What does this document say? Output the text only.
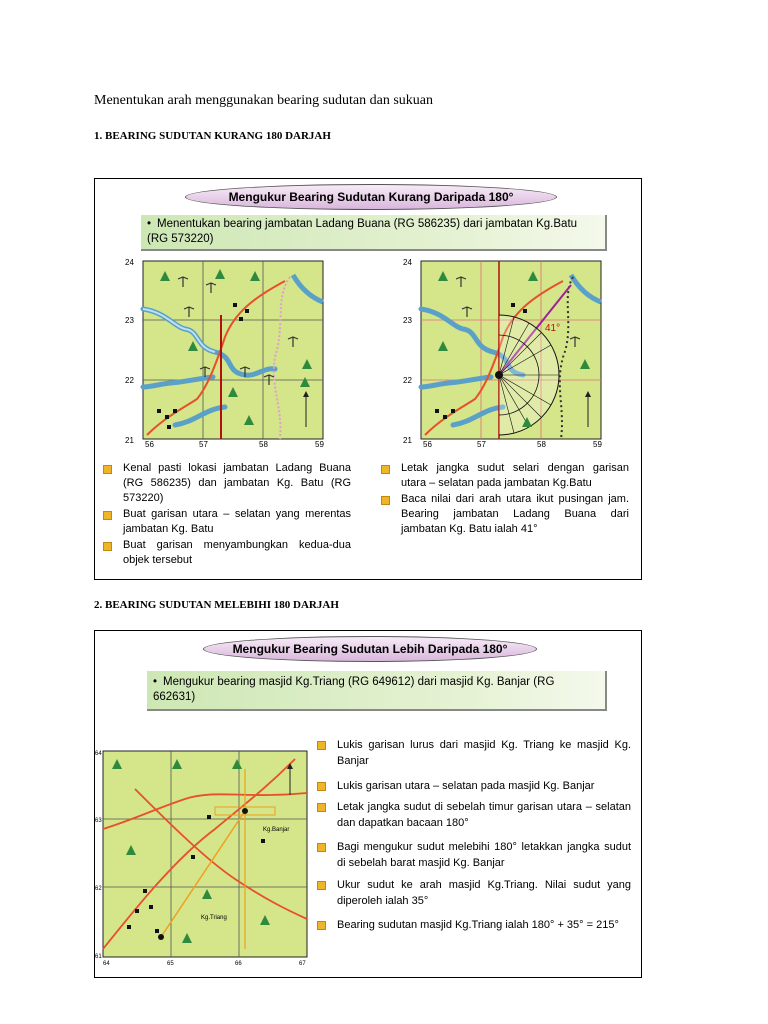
Menentukan arah menggunakan bearing sudutan dan sukuan
1. BEARING SUDUTAN KURANG 180 DARJAH
Mengukur Bearing Sudutan Kurang Daripada 180°
• Menentukan bearing jambatan Ladang Buana (RG 586235) dari jambatan Kg.Batu (RG 573220)
24
23
22
21 56	57	58	59
41°
24
23
22
21 56	57	58	59
Kenal pasti lokasi jambatan Ladang Buana (RG 586235) dan jambatan Kg. Batu (RG 573220)
Buat garisan utara – selatan yang merentas jambatan Kg. Batu
Buat garisan menyambungkan kedua-dua objek tersebut
Letak jangka sudut selari dengan garisan utara – selatan pada jambatan Kg.Batu
Baca nilai dari arah utara ikut pusingan jam. Bearing jambatan Ladang Buana dari jambatan Kg. Batu ialah 41°
2. BEARING SUDUTAN MELEBIHI 180 DARJAH
Mengukur Bearing Sudutan Lebih Daripada 180°
• Mengukur bearing masjid Kg.Triang (RG 649612) dari masjid Kg. Banjar (RG 662631)
Kg.Banjar
Kg.Triang
64
63
62
61
64	65	66	67
Lukis garisan lurus dari masjid Kg. Triang ke masjid Kg. Banjar
Lukis garisan utara – selatan pada masjid Kg. Banjar
Letak jangka sudut di sebelah timur garisan utara – selatan dan dapatkan bacaan 180°
Bagi mengukur sudut melebihi 180° letakkan jangka sudut di sebelah barat masjid Kg. Banjar
Ukur sudut ke arah masjid Kg.Triang. Nilai sudut yang diperoleh ialah 35°
Bearing sudutan masjid Kg.Triang ialah 180° + 35° = 215°
